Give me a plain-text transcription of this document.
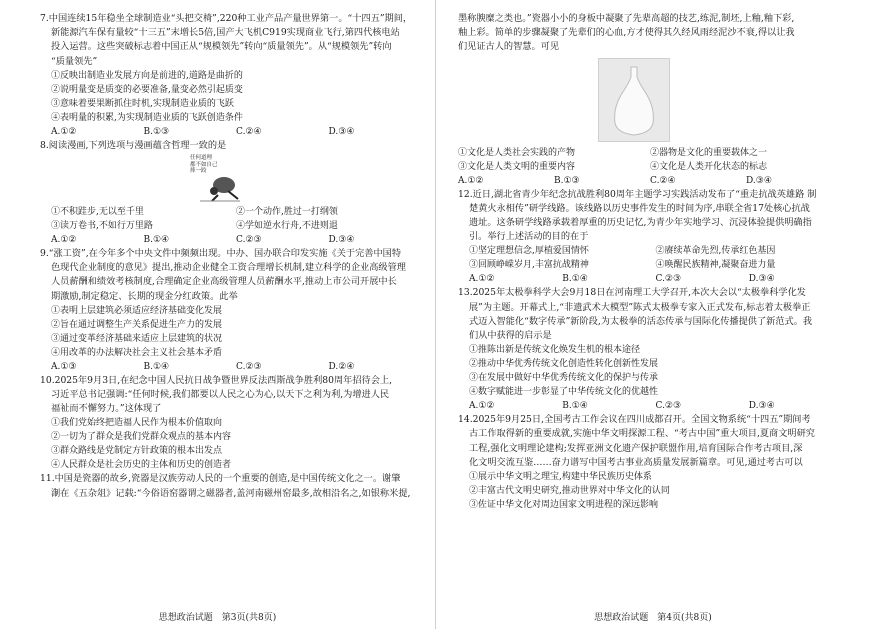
7.中国连续15年稳坐全球制造业“头把交椅”,220种工业产品产量世界第一。“十四五”期间，

新能源汽车保有量较“十三五”末增长5倍,国产大飞机C919实现商业飞行,第四代核电站

投入运营。这些突破标志着中国正从“规模领先”转向“质量领先”。从“规模领先”转向

“质量领先”

①反映出制造业发展方向是前进的,道路是曲折的

②说明量变是质变的必要准备,量变必然引起质变

③意味着要果断抓住时机,实现制造业质的飞跃

④表明量的积累,为实现制造业质的飞跃创造条件

A.①②	B.①③	C.②④	D.③④

8.阅读漫画,下列选项与漫画蕴含哲理一致的是

任何道理
都不如自己
摔一跤
①不积跬步,无以至千里	②一个动作,胜过一打纲领
③读万卷书,不如行万里路	④学如逆水行舟,不进则退
A.①②	B.①④	C.②③	D.③④

9.“涨工资”,在今年多个中央文件中频频出现。中办、国办联合印发实施《关于完善中国特

色现代企业制度的意见》提出,推动企业健全工资合理增长机制,建立科学的企业高级管理

人员薪酬和绩效考核制度,合理确定企业高级管理人员薪酬水平,推动上市公司开展中长

期激励,制定稳定、长期的现金分红政策。此举

①表明上层建筑必须适应经济基础变化发展

②旨在通过调整生产关系促进生产力的发展

③通过变革经济基础来适应上层建筑的状况

④用改革的办法解决社会主义社会基本矛盾

A.①③	B.①④	C.②③	D.②④

10.2025年9月3日,在纪念中国人民抗日战争暨世界反法西斯战争胜利80周年招待会上,

习近平总书记强调:“任何时候,我们都要以人民之心为心,以天下之利为利,为增进人民

福祉而不懈努力。”这体现了

①我们党始终把造福人民作为根本价值取向

②一切为了群众是我们党群众观点的基本内容

③群众路线是党制定方针政策的根本出发点

④人民群众是社会历史的主体和历史的创造者

11.中国是瓷器的故乡,瓷器是汉族劳动人民的一个重要的创造,是中国传统文化之一。谢肇

淛在《五杂俎》记载:“今俗语窑器谓之磁器者,盖河南磁州窑最多,故相沿名之,如银称米提,

思想政治试题　第3页(共8页)

墨称腴糜之类也。”瓷器小小的身板中凝聚了先辈高超的技艺,练泥,制坯,上釉,釉下彩,

釉上彩。简单的步骤凝聚了先辈们的心血,方才使得其久经风雨经泥沙不衰,得以让我

们见证古人的智慧。可见

①文化是人类社会实践的产物	②器物是文化的重要载体之一
③文化是人类文明的重要内容	④文化是人类开化状态的标志
A.①②	B.①③	C.②④	D.③④

12.近日,湖北省青少年纪念抗战胜利80周年主题学习实践活动发布了“重走抗战英雄路 制

楚黄火永相传”研学线路。该线路以历史事件发生的时间为序,串联全省17处核心抗战

遗址。这条研学线路承载着厚重的历史记忆,为青少年实地学习、沉浸体验提供明确指

引。举行上述活动的目的在于

①坚定理想信念,厚植爱国情怀	②赓续革命先烈,传承红色基因
③回顾峥嵘岁月,丰富抗战精神	④唤醒民族精神,凝聚奋进力量
A.①②	B.①④	C.②③	D.③④

13.2025年太极拳科学大会9月18日在河南理工大学召开,本次大会以“太极拳科学化发

展”为主题。开幕式上,“非遗武术大模型”陈式太极拳专家入正式发布,标志着太极拳正

式迈入智能化“数字传承”新阶段,为太极拳的活态传承与国际化传播提供了新范式。我

们从中获得的启示是

①推陈出新是传统文化焕发生机的根本途径

②推动中华优秀传统文化创造性转化创新性发展

③在发展中做好中华优秀传统文化的保护与传承

④数字赋能进一步彰显了中华传统文化的优越性

A.①②	B.①④	C.②③	D.③④

14.2025年9月25日,全国考古工作会议在四川成都召开。全国文物系统“十四五”期间考

古工作取得新的重要成就,实施中华文明探源工程、“考古中国”重大项目,夏商文明研究

工程,强化文明理论建构;发挥亚洲文化遗产保护联盟作用,培育国际合作考古项目,深

化文明交流互鉴……奋力谱写中国考古事业高质量发展新篇章。可见,通过考古可以

①展示中华文明之理宝,构建中华民族历史体系

②丰富古代文明史研究,推动世界对中华文化的认同

③佐证中华文化对周边国家文明进程的深远影响

思想政治试题　第4页(共8页)
